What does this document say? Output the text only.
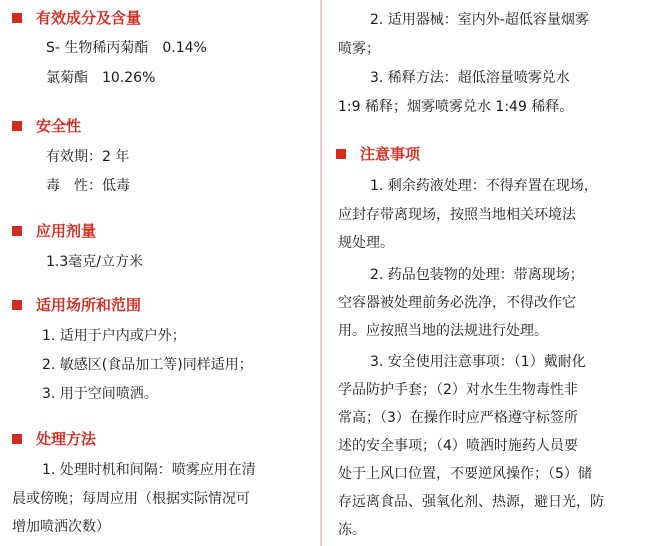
有效成分及含量
S- 生物稀丙菊酯　0.14%
氯菊酯　10.26%
安全性
有效期：2 年
毒　性：低毒
应用剂量
1.3毫克/立方米
适用场所和范围
1. 适用于户内或户外；
2. 敏感区(食品加工等)同样适用；
3. 用于空间喷洒。
处理方法
1. 处理时机和间隔：喷雾应用在清
晨或傍晚；每周应用（根据实际情况可
增加喷洒次数）
2. 适用器械：室内外-超低容量烟雾
喷雾；
3. 稀释方法：超低溶量喷雾兑水
1:9 稀释；烟雾喷雾兑水 1:49 稀释。
注意事项
1. 剩余药液处理：不得弃置在现场，
应封存带离现场，按照当地相关环境法
规处理。
2. 药品包装物的处理：带离现场；
空容器被处理前务必洗净，不得改作它
用。应按照当地的法规进行处理。
3. 安全使用注意事项：（1）戴耐化
学品防护手套；（2）对水生生物毒性非
常高；（3）在操作时应严格遵守标签所
述的安全事项；（4）喷洒时施药人员要
处于上风口位置，不要逆风操作；（5）储
存远离食品、强氧化剂、热源，避日光，防
冻。
